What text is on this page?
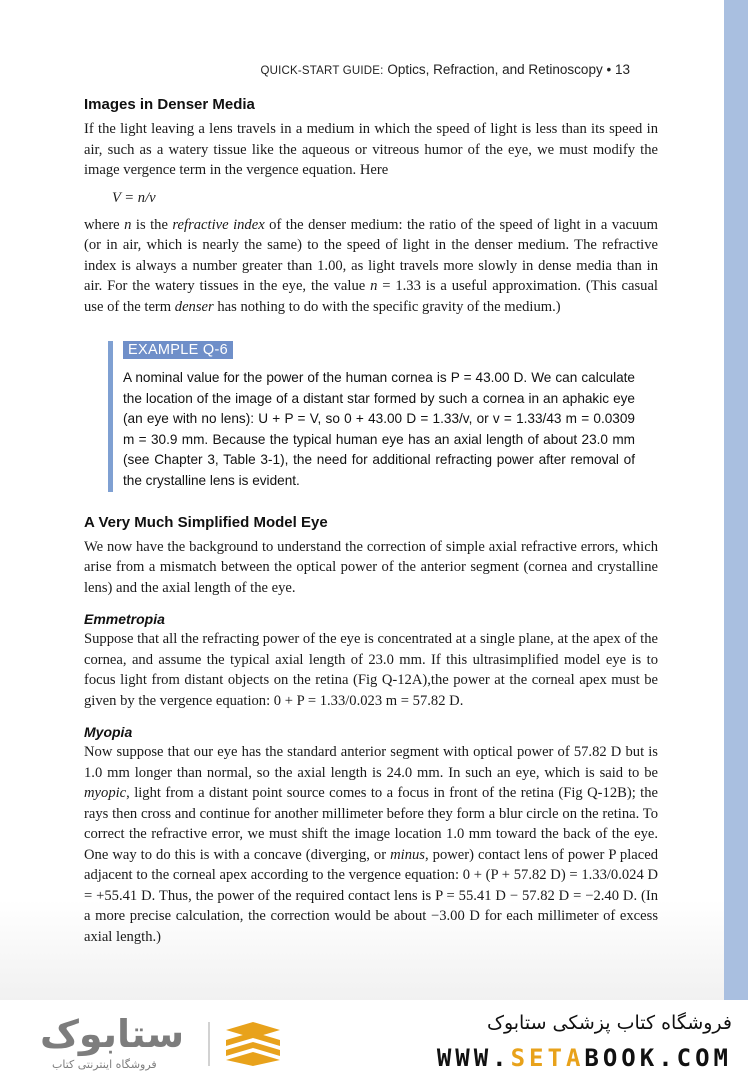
QUICK-START GUIDE: Optics, Refraction, and Retinoscopy • 13
Images in Denser Media

If the light leaving a lens travels in a medium in which the speed of light is less than its speed in air, such as a watery tissue like the aqueous or vitreous humor of the eye, we must modify the image vergence term in the vergence equation. Here

V = n/v

where n is the refractive index of the denser medium: the ratio of the speed of light in a vacuum (or in air, which is nearly the same) to the speed of light in the denser medium. The refractive index is always a number greater than 1.00, as light travels more slowly in dense media than in air. For the watery tissues in the eye, the value n = 1.33 is a useful approximation. (This casual use of the term denser has nothing to do with the specific gravity of the medium.)

EXAMPLE Q-6
A nominal value for the power of the human cornea is P = 43.00 D. We can calculate the location of the image of a distant star formed by such a cornea in an aphakic eye (an eye with no lens): U + P = V, so 0 + 43.00 D = 1.33/v, or v = 1.33/43 m = 0.0309 m = 30.9 mm. Because the typical human eye has an axial length of about 23.0 mm (see Chapter 3, Table 3-1), the need for additional refracting power after removal of the crystalline lens is evident.
A Very Much Simplified Model Eye

We now have the background to understand the correction of simple axial refractive errors, which arise from a mismatch between the optical power of the anterior segment (cornea and crystalline lens) and the axial length of the eye.

Emmetropia

Suppose that all the refracting power of the eye is concentrated at a single plane, at the apex of the cornea, and assume the typical axial length of 23.0 mm. If this ultrasimplified model eye is to focus light from distant objects on the retina (Fig Q-12A),the power at the corneal apex must be given by the vergence equation: 0 + P = 1.33/0.023 m = 57.82 D.

Myopia

Now suppose that our eye has the standard anterior segment with optical power of 57.82 D but is 1.0 mm longer than normal, so the axial length is 24.0 mm. In such an eye, which is said to be myopic, light from a distant point source comes to a focus in front of the retina (Fig Q-12B); the rays then cross and continue for another millimeter before they form a blur circle on the retina. To correct the refractive error, we must shift the image location 1.0 mm toward the back of the eye. One way to do this is with a concave (diverging, or minus, power) contact lens of power P placed adjacent to the corneal apex according to the vergence equation: 0 + (P + 57.82 D) = 1.33/0.024 D = +55.41 D. Thus, the power of the required contact lens is P = 55.41 D − 57.82 D = −2.40 D. (In a more precise calculation, the correction would be about −3.00 D for each millimeter of excess axial length.)

ستابوک
فروشگاه اینترنتی کتاب
فروشگاه کتاب پزشکی ستابوک
WWW.SETABOOK.COM
